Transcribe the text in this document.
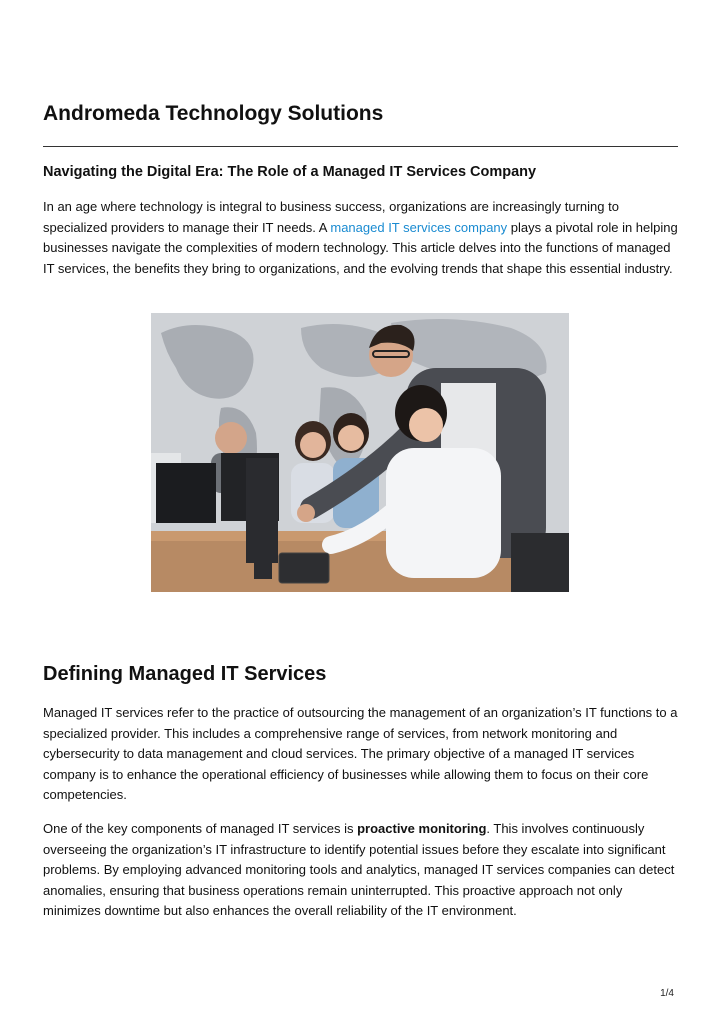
Andromeda Technology Solutions
Navigating the Digital Era: The Role of a Managed IT Services Company

In an age where technology is integral to business success, organizations are increasingly turning to specialized providers to manage their IT needs. A managed IT services company plays a pivotal role in helping businesses navigate the complexities of modern technology. This article delves into the functions of managed IT services, the benefits they bring to organizations, and the evolving trends that shape this essential industry.

Defining Managed IT Services

Managed IT services refer to the practice of outsourcing the management of an organization’s IT functions to a specialized provider. This includes a comprehensive range of services, from network monitoring and cybersecurity to data management and cloud services. The primary objective of a managed IT services company is to enhance the operational efficiency of businesses while allowing them to focus on their core competencies.

One of the key components of managed IT services is proactive monitoring. This involves continuously overseeing the organization’s IT infrastructure to identify potential issues before they escalate into significant problems. By employing advanced monitoring tools and analytics, managed IT services companies can detect anomalies, ensuring that business operations remain uninterrupted. This proactive approach not only minimizes downtime but also enhances the overall reliability of the IT environment.

1/4
